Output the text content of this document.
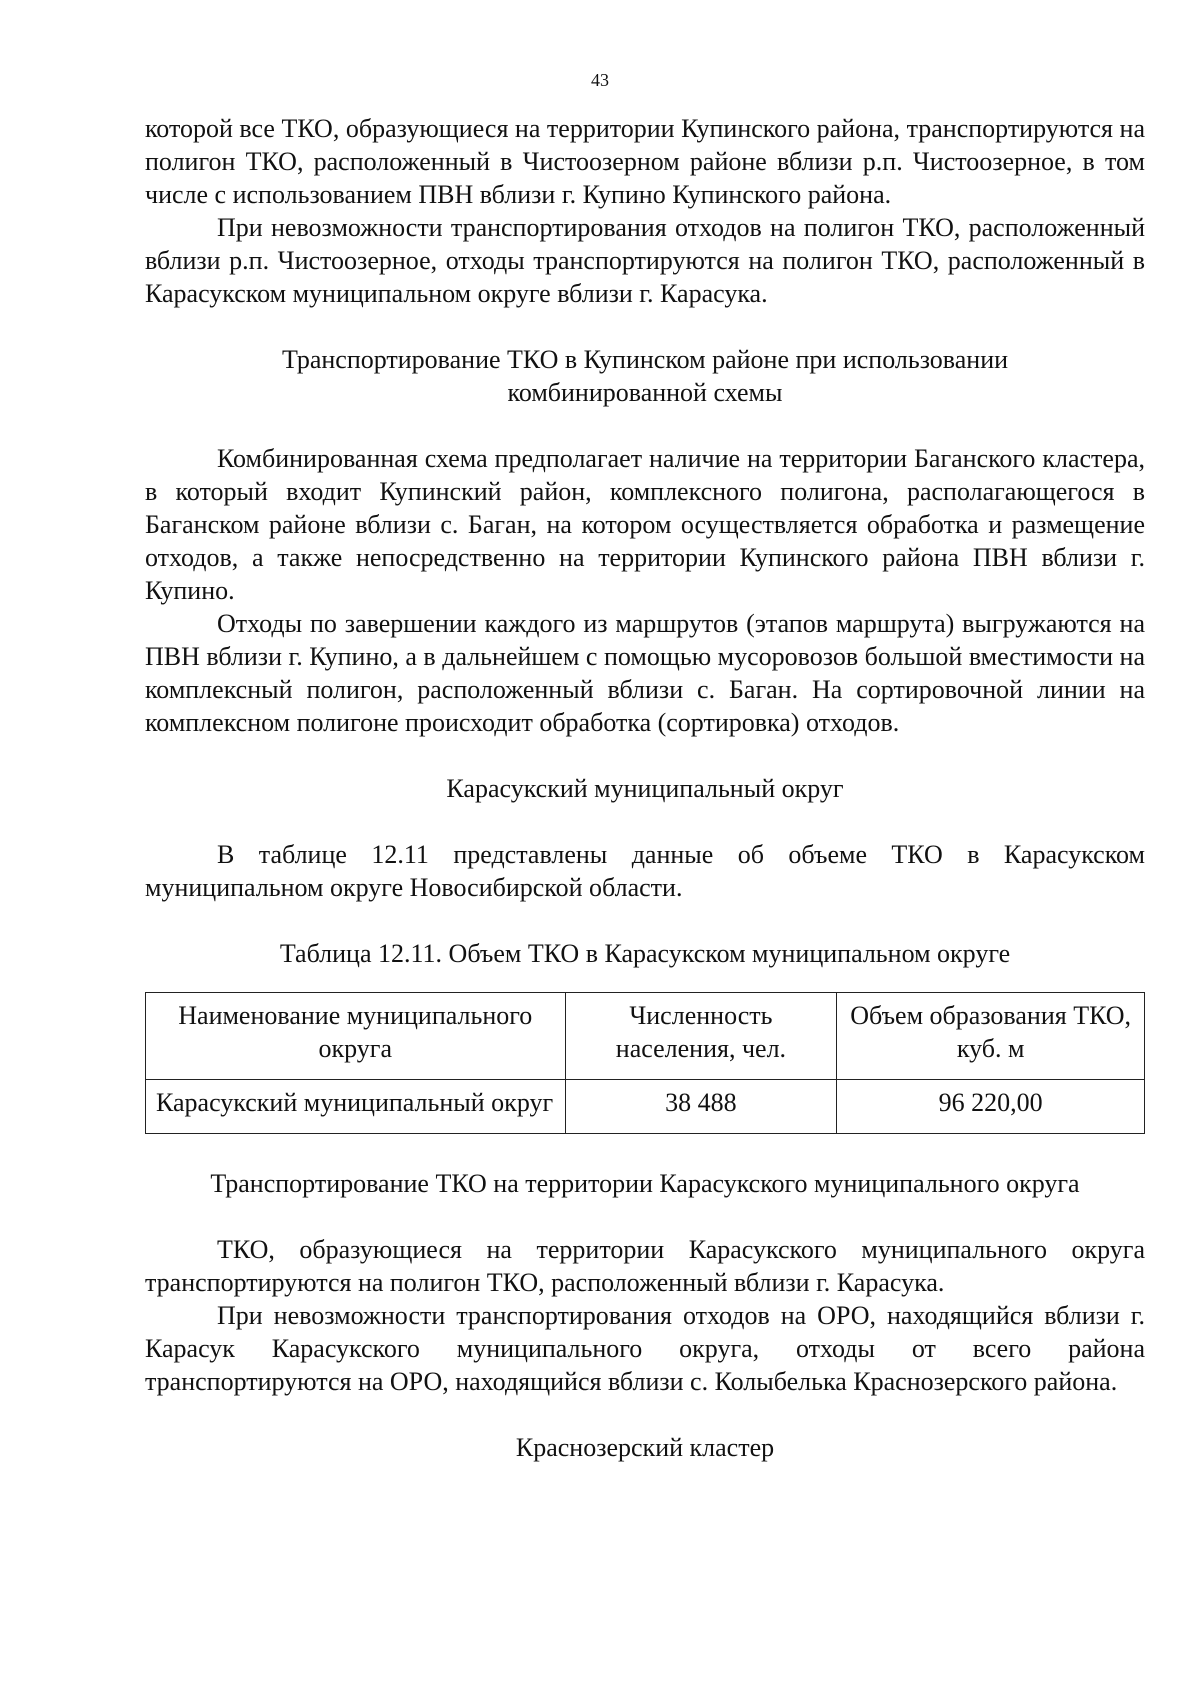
43

которой все ТКО, образующиеся на территории Купинского района, транспортируются на полигон ТКО, расположенный в Чистоозерном районе вблизи р.п. Чистоозерное, в том числе с использованием ПВН вблизи г. Купино Купинского района.

При невозможности транспортирования отходов на полигон ТКО, расположенный вблизи р.п. Чистоозерное, отходы транспортируются на полигон ТКО, расположенный в Карасукском муниципальном округе вблизи г. Карасука.

Транспортирование ТКО в Купинском районе при использовании комбинированной схемы

Комбинированная схема предполагает наличие на территории Баганского кластера, в который входит Купинский район, комплексного полигона, располагающегося в Баганском районе вблизи с. Баган, на котором осуществляется обработка и размещение отходов, а также непосредственно на территории Купинского района ПВН вблизи г. Купино.

Отходы по завершении каждого из маршрутов (этапов маршрута) выгружаются на ПВН вблизи г. Купино, а в дальнейшем с помощью мусоровозов большой вместимости на комплексный полигон, расположенный вблизи с. Баган. На сортировочной линии на комплексном полигоне происходит обработка (сортировка) отходов.

Карасукский муниципальный округ

В таблице 12.11 представлены данные об объеме ТКО в Карасукском муниципальном округе Новосибирской области.

Таблица 12.11. Объем ТКО в Карасукском муниципальном округе

Наименование муниципального округа	Численность населения, чел.	Объем образования ТКО, куб. м
Карасукский муниципальный округ	38 488	96 220,00

Транспортирование ТКО на территории Карасукского муниципального округа

ТКО, образующиеся на территории Карасукского муниципального округа транспортируются на полигон ТКО, расположенный вблизи г. Карасука.

При невозможности транспортирования отходов на ОРО, находящийся вблизи г. Карасук Карасукского муниципального округа, отходы от всего района транспортируются на ОРО, находящийся вблизи с. Колыбелька Краснозерского района.

Краснозерский кластер
